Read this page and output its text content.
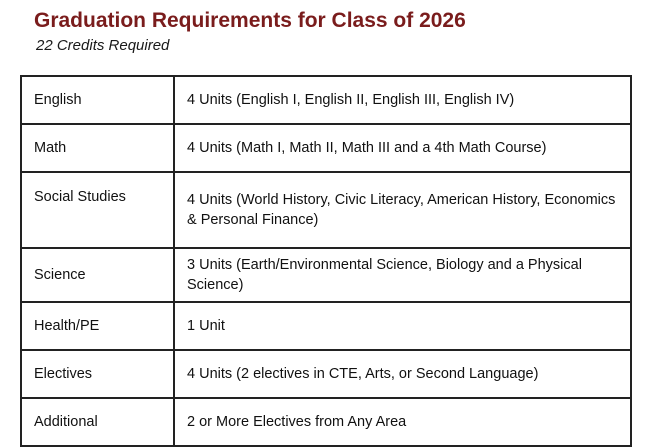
Graduation Requirements for Class of 2026
22 Credits Required
English	4 Units (English I, English II, English III, English IV)
Math	4 Units (Math I, Math II, Math III and a 4th Math Course)
Social Studies	4 Units (World History, Civic Literacy, American History, Economics & Personal Finance)
Science	3 Units (Earth/Environmental Science, Biology and a Physical Science)
Health/PE	1 Unit
Electives	4 Units (2 electives in CTE, Arts, or Second Language)
Additional	2 or More Electives from Any Area
